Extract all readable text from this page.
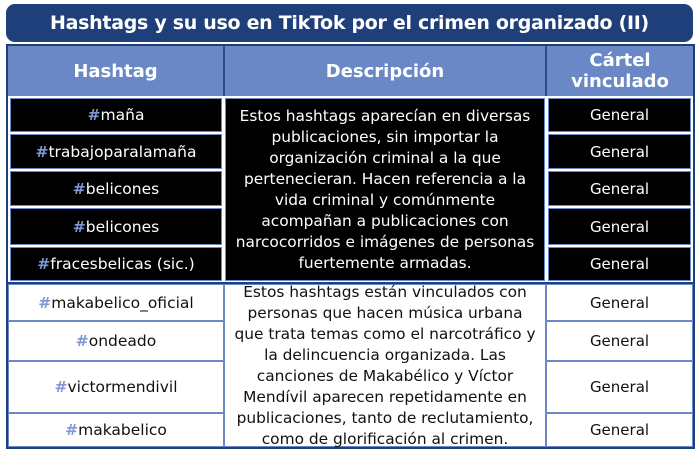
Hashtags y su uso en TikTok por el crimen organizado (II)
Hashtag	Descripción	Cártel vinculado
# maña
# trabajoparalamaña
# belicones
# belicones
# fracesbelicas (sic.)
Estos hashtags aparecían en diversas publicaciones, sin importar la organización criminal a la que pertenecieran. Hacen referencia a la vida criminal y comúnmente acompañan a publicaciones con narcocorridos e imágenes de personas fuertemente armadas.
General
General
General
General
General
# makabelico_oficial
# ondeado
# victormendivil
# makabelico
Estos hashtags están vinculados con personas que hacen música urbana que trata temas como el narcotráfico y la delincuencia organizada. Las canciones de Makabélico y Víctor Mendívil aparecen repetidamente en publicaciones, tanto de reclutamiento, como de glorificación al crimen.
General
General
General
General
